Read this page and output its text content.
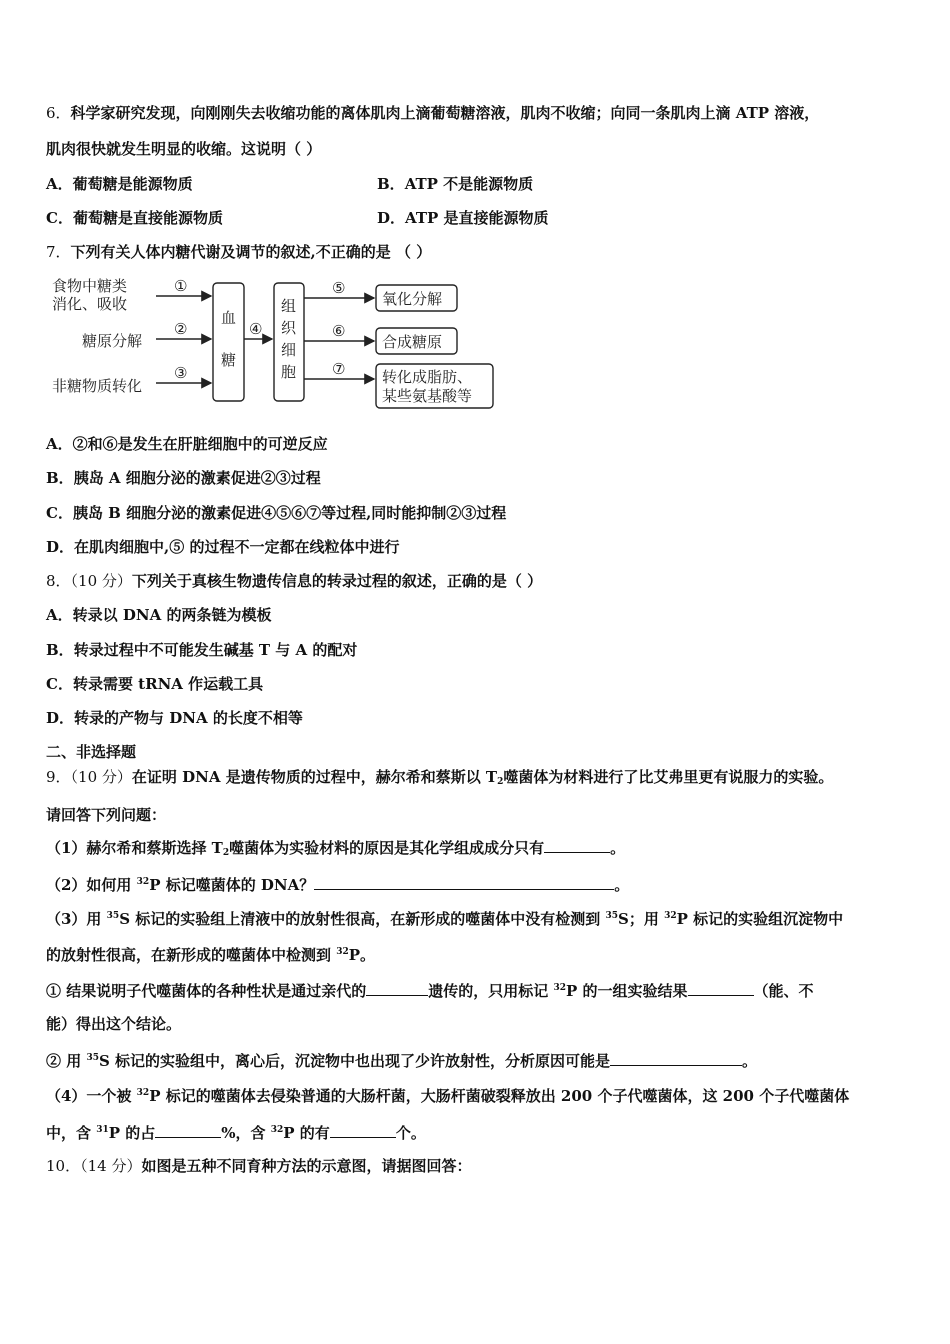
6．科学家研究发现，向刚刚失去收缩功能的离体肌肉上滴葡萄糖溶液，肌肉不收缩；向同一条肌肉上滴 ATP 溶液，
肌肉很快就发生明显的收缩。这说明（ ）
A．葡萄糖是能源物质	B．ATP 不是能源物质
C．葡萄糖是直接能源物质	D．ATP 是直接能源物质
7．下列有关人体内糖代谢及调节的叙述,不正确的是 （ ）
食物中糖类
消化、吸收
糖原分解
非糖物质转化
①
②
③
血
糖
④
组
织
细
胞
⑤
⑥
⑦
氧化分解
合成糖原
转化成脂肪、
某些氨基酸等
A．②和⑥是发生在肝脏细胞中的可逆反应
B．胰岛 A 细胞分泌的激素促进②③过程
C．胰岛 B 细胞分泌的激素促进④⑤⑥⑦等过程,同时能抑制②③过程
D．在肌肉细胞中,⑤ 的过程不一定都在线粒体中进行
8．（10 分）下列关于真核生物遗传信息的转录过程的叙述，正确的是（ ）
A．转录以 DNA 的两条链为模板
B．转录过程中不可能发生碱基 T 与 A 的配对
C．转录需要 tRNA 作运载工具
D．转录的产物与 DNA 的长度不相等
二、非选择题
9．（10 分）在证明 DNA 是遗传物质的过程中，赫尔希和蔡斯以 $T_2$噬菌体为材料进行了比艾弗里更有说服力的实验。
请回答下列问题：
（1）赫尔希和蔡斯选择 $T_2$噬菌体为实验材料的原因是其化学组成成分只有	。
（2）如何用 $^{32}$P 标记噬菌体的 DNA？	。
（3）用 $^{35}$S 标记的实验组上清液中的放射性很高，在新形成的噬菌体中没有检测到 $^{35}$S；用 $^{32}$P 标记的实验组沉淀物中
的放射性很高，在新形成的噬菌体中检测到 $^{32}$P。
① 结果说明子代噬菌体的各种性状是通过亲代的	遗传的，只用标记 $^{32}$P 的一组实验结果	（能、不
能）得出这个结论。
② 用 $^{35}$S 标记的实验组中，离心后，沉淀物中也出现了少许放射性，分析原因可能是	。
（4）一个被 $^{32}$P 标记的噬菌体去侵染普通的大肠杆菌，大肠杆菌破裂释放出 200 个子代噬菌体，这 200 个子代噬菌体
中，含 $^{31}$P 的占	%，含 $^{32}$P 的有	个。
10．（14 分）如图是五种不同育种方法的示意图，请据图回答：
